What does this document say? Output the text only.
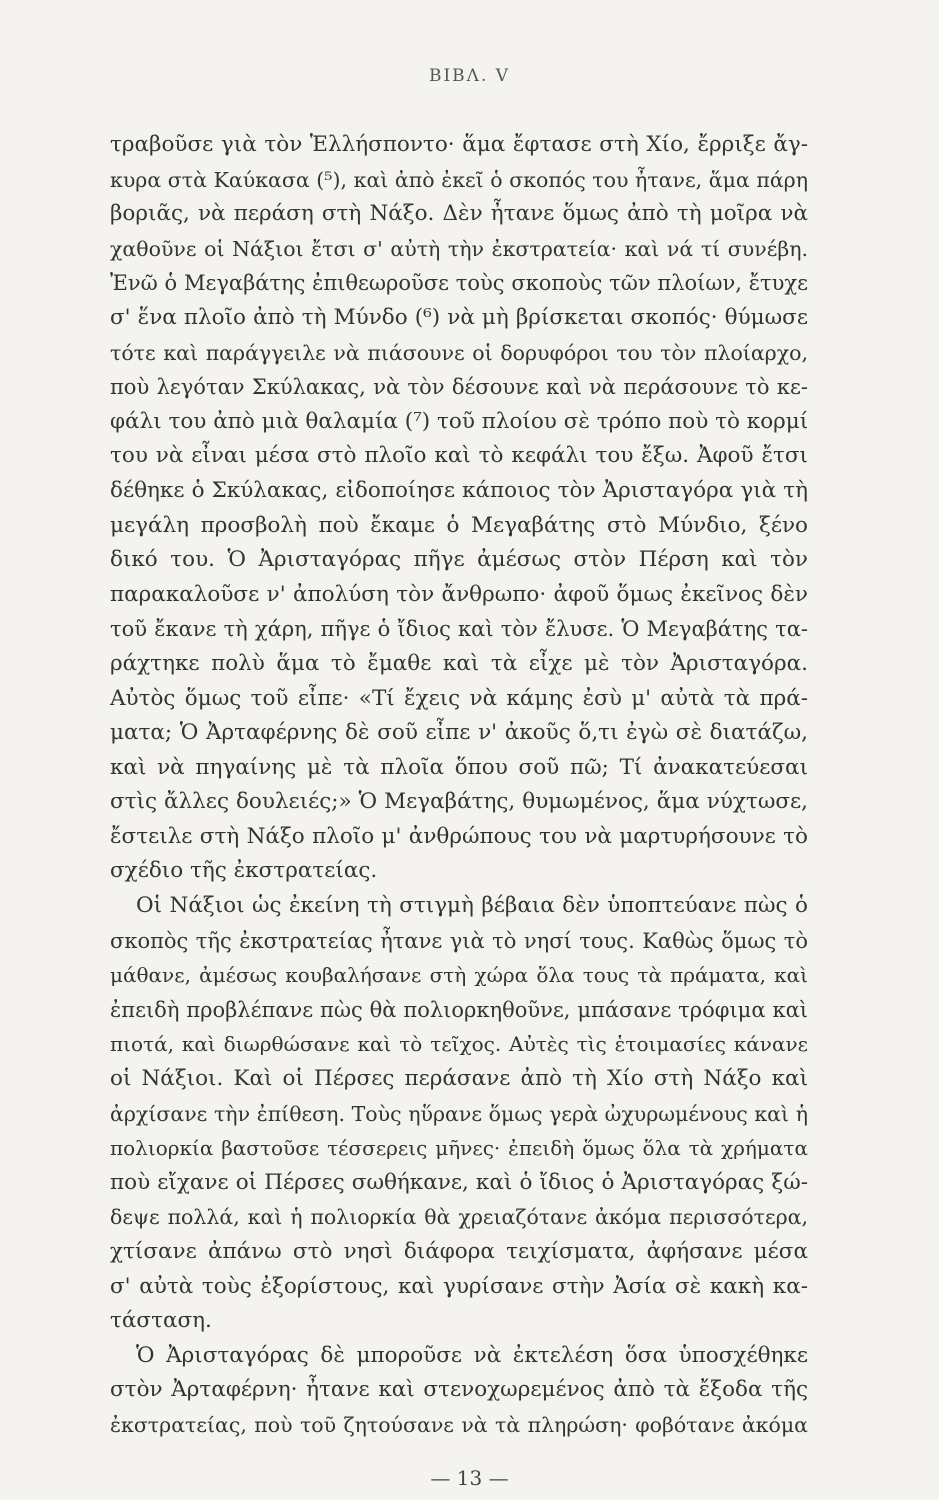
ΒΙΒΛ. V
τραβοῦσε γιὰ τὸν Ἑλλήσποντο· ἅμα ἔφτασε στὴ Χίο, ἔρριξε ἄγ-
κυρα στὰ Καύκασα (⁵), καὶ ἀπὸ ἐκεῖ ὁ σκοπός του ἦτανε, ἅμα πάρη
βοριᾶς, νὰ περάση στὴ Νάξο. Δὲν ἦτανε ὅμως ἀπὸ τὴ μοῖρα νὰ
χαθοῦνε οἱ Νάξιοι ἔτσι σ' αὐτὴ τὴν ἐκστρατεία· καὶ νά τί συνέβη.
Ἐνῶ ὁ Μεγαβάτης ἐπιθεωροῦσε τοὺς σκοποὺς τῶν πλοίων, ἔτυχε
σ' ἕνα πλοῖο ἀπὸ τὴ Μύνδο (⁶) νὰ μὴ βρίσκεται σκοπός· θύμωσε
τότε καὶ παράγγειλε νὰ πιάσουνε οἱ δορυφόροι του τὸν πλοίαρχο,
ποὺ λεγόταν Σκύλακας, νὰ τὸν δέσουνε καὶ νὰ περάσουνε τὸ κε-
φάλι του ἀπὸ μιὰ θαλαμία (⁷) τοῦ πλοίου σὲ τρόπο ποὺ τὸ κορμί
του νὰ εἶναι μέσα στὸ πλοῖο καὶ τὸ κεφάλι του ἔξω. Ἀφοῦ ἔτσι
δέθηκε ὁ Σκύλακας, εἰδοποίησε κάποιος τὸν Ἀρισταγόρα γιὰ τὴ
μεγάλη προσβολὴ ποὺ ἔκαμε ὁ Μεγαβάτης στὸ Μύνδιο, ξένο
δικό του. Ὁ Ἀρισταγόρας πῆγε ἀμέσως στὸν Πέρση καὶ τὸν
παρακαλοῦσε ν' ἀπολύση τὸν ἄνθρωπο· ἀφοῦ ὅμως ἐκεῖνος δὲν
τοῦ ἔκανε τὴ χάρη, πῆγε ὁ ἴδιος καὶ τὸν ἔλυσε. Ὁ Μεγαβάτης τα-
ράχτηκε πολὺ ἅμα τὸ ἔμαθε καὶ τὰ εἶχε μὲ τὸν Ἀρισταγόρα.
Αὐτὸς ὅμως τοῦ εἶπε· «Τί ἔχεις νὰ κάμης ἐσὺ μ' αὐτὰ τὰ πρά-
ματα; Ὁ Ἀρταφέρνης δὲ σοῦ εἶπε ν' ἀκοῦς ὅ,τι ἐγὼ σὲ διατάζω,
καὶ νὰ πηγαίνης μὲ τὰ πλοῖα ὅπου σοῦ πῶ; Τί ἀνακατεύεσαι
στὶς ἄλλες δουλειές;» Ὁ Μεγαβάτης, θυμωμένος, ἅμα νύχτωσε,
ἔστειλε στὴ Νάξο πλοῖο μ' ἀνθρώπους του νὰ μαρτυρήσουνε τὸ
σχέδιο τῆς ἐκστρατείας.
Οἱ Νάξιοι ὡς ἐκείνη τὴ στιγμὴ βέβαια δὲν ὑποπτεύανε πὼς ὁ
σκοπὸς τῆς ἐκστρατείας ἦτανε γιὰ τὸ νησί τους. Καθὼς ὅμως τὸ
μάθανε, ἀμέσως κουβαλήσανε στὴ χώρα ὅλα τους τὰ πράματα, καὶ
ἐπειδὴ προβλέπανε πὼς θὰ πολιορκηθοῦνε, μπάσανε τρόφιμα καὶ
πιοτά, καὶ διωρθώσανε καὶ τὸ τεῖχος. Αὐτὲς τὶς ἑτοιμασίες κάνανε
οἱ Νάξιοι. Καὶ οἱ Πέρσες περάσανε ἀπὸ τὴ Χίο στὴ Νάξο καὶ
ἀρχίσανε τὴν ἐπίθεση. Τοὺς ηὕρανε ὅμως γερὰ ὠχυρωμένους καὶ ἡ
πολιορκία βαστοῦσε τέσσερεις μῆνες· ἐπειδὴ ὅμως ὅλα τὰ χρήματα
ποὺ εἴχανε οἱ Πέρσες σωθήκανε, καὶ ὁ ἴδιος ὁ Ἀρισταγόρας ξώ-
δεψε πολλά, καὶ ἡ πολιορκία θὰ χρειαζότανε ἀκόμα περισσότερα,
χτίσανε ἀπάνω στὸ νησὶ διάφορα τειχίσματα, ἀφήσανε μέσα
σ' αὐτὰ τοὺς ἐξορίστους, καὶ γυρίσανε στὴν Ἀσία σὲ κακὴ κα-
τάσταση.
Ὁ Ἀρισταγόρας δὲ μποροῦσε νὰ ἐκτελέση ὅσα ὑποσχέθηκε
στὸν Ἀρταφέρνη· ἦτανε καὶ στενοχωρεμένος ἀπὸ τὰ ἔξοδα τῆς
ἐκστρατείας, ποὺ τοῦ ζητούσανε νὰ τὰ πληρώση· φοβότανε ἀκόμα
— 13 —
